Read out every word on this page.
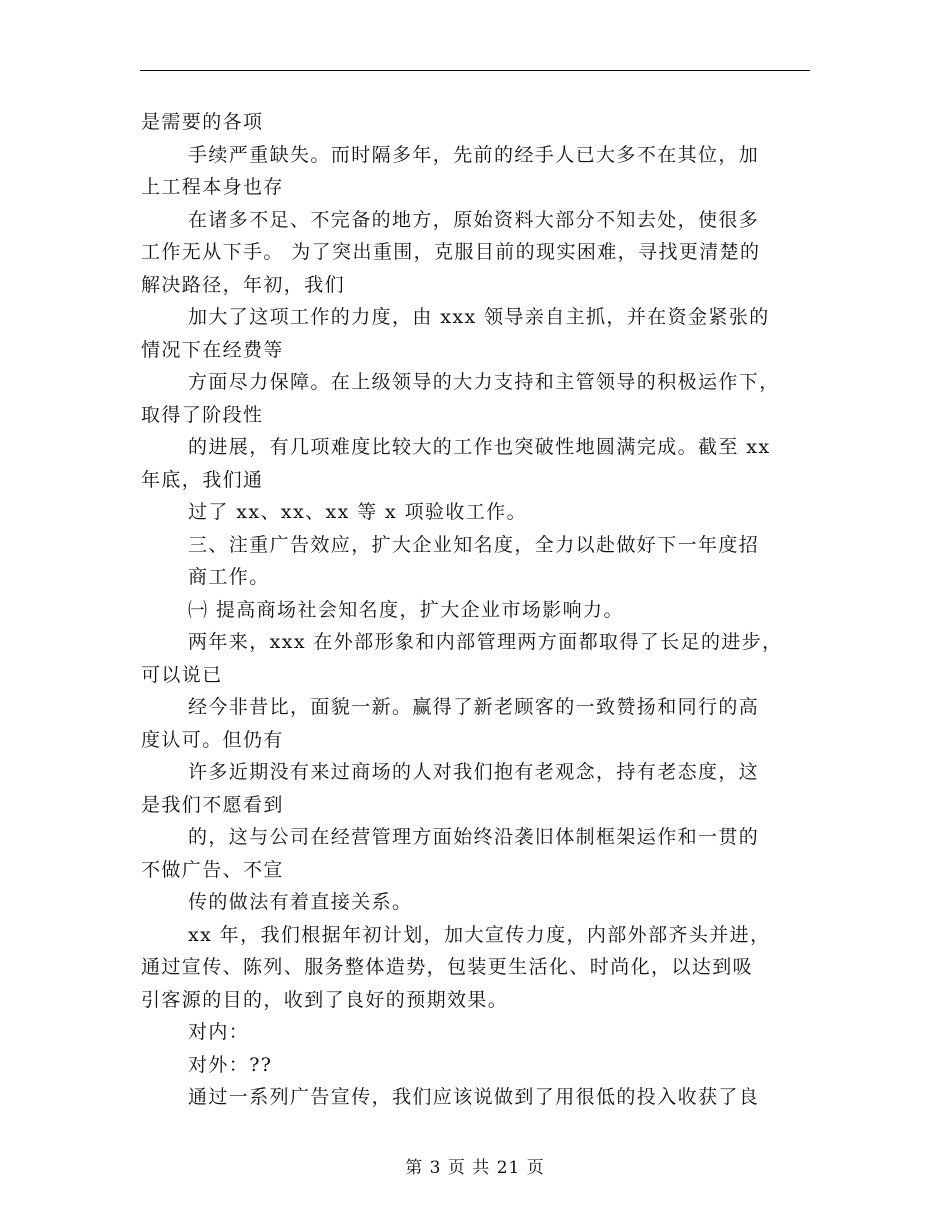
是需要的各项
手续严重缺失。而时隔多年，先前的经手人已大多不在其位，加
上工程本身也存
在诸多不足、不完备的地方，原始资料大部分不知去处，使很多
工作无从下手。 为了突出重围，克服目前的现实困难，寻找更清楚的
解决路径，年初，我们
加大了这项工作的力度，由 xxx 领导亲自主抓，并在资金紧张的
情况下在经费等
方面尽力保障。在上级领导的大力支持和主管领导的积极运作下，
取得了阶段性
的进展，有几项难度比较大的工作也突破性地圆满完成。截至 xx
年底，我们通
过了 xx、xx、xx 等 x 项验收工作。
三、注重广告效应，扩大企业知名度，全力以赴做好下一年度招
商工作。
㈠ 提高商场社会知名度，扩大企业市场影响力。
两年来，xxx 在外部形象和内部管理两方面都取得了长足的进步，
可以说已
经今非昔比，面貌一新。赢得了新老顾客的一致赞扬和同行的高
度认可。但仍有
许多近期没有来过商场的人对我们抱有老观念，持有老态度，这
是我们不愿看到
的，这与公司在经营管理方面始终沿袭旧体制框架运作和一贯的
不做广告、不宣
传的做法有着直接关系。
xx 年，我们根据年初计划，加大宣传力度，内部外部齐头并进，
通过宣传、陈列、服务整体造势，包装更生活化、时尚化，以达到吸
引客源的目的，收到了良好的预期效果。
对内：
对外：??
通过一系列广告宣传，我们应该说做到了用很低的投入收获了良
第 3 页 共 21 页
